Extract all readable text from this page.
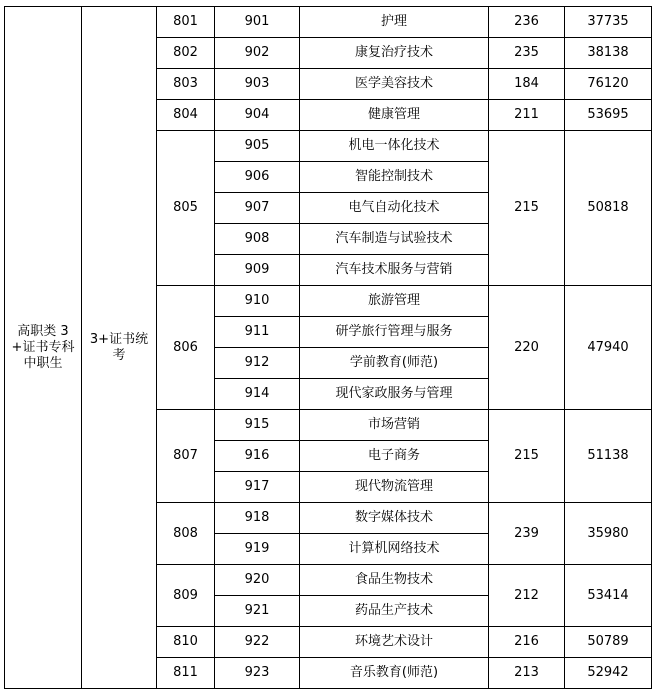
高职类 3+证书专科中职生	3+证书统考	801	901	护理	236	37735
		802	902	康复治疗技术	235	38138
		803	903	医学美容技术	184	76120
		804	904	健康管理	211	53695
		805	905	机电一体化技术	215	50818
			906	智能控制技术		
			907	电气自动化技术		
			908	汽车制造与试验技术		
			909	汽车技术服务与营销		
		806	910	旅游管理	220	47940
			911	研学旅行管理与服务		
			912	学前教育(师范)		
			914	现代家政服务与管理		
		807	915	市场营销	215	51138
			916	电子商务		
			917	现代物流管理		
		808	918	数字媒体技术	239	35980
			919	计算机网络技术		
		809	920	食品生物技术	212	53414
			921	药品生产技术		
		810	922	环境艺术设计	216	50789
		811	923	音乐教育(师范)	213	52942
